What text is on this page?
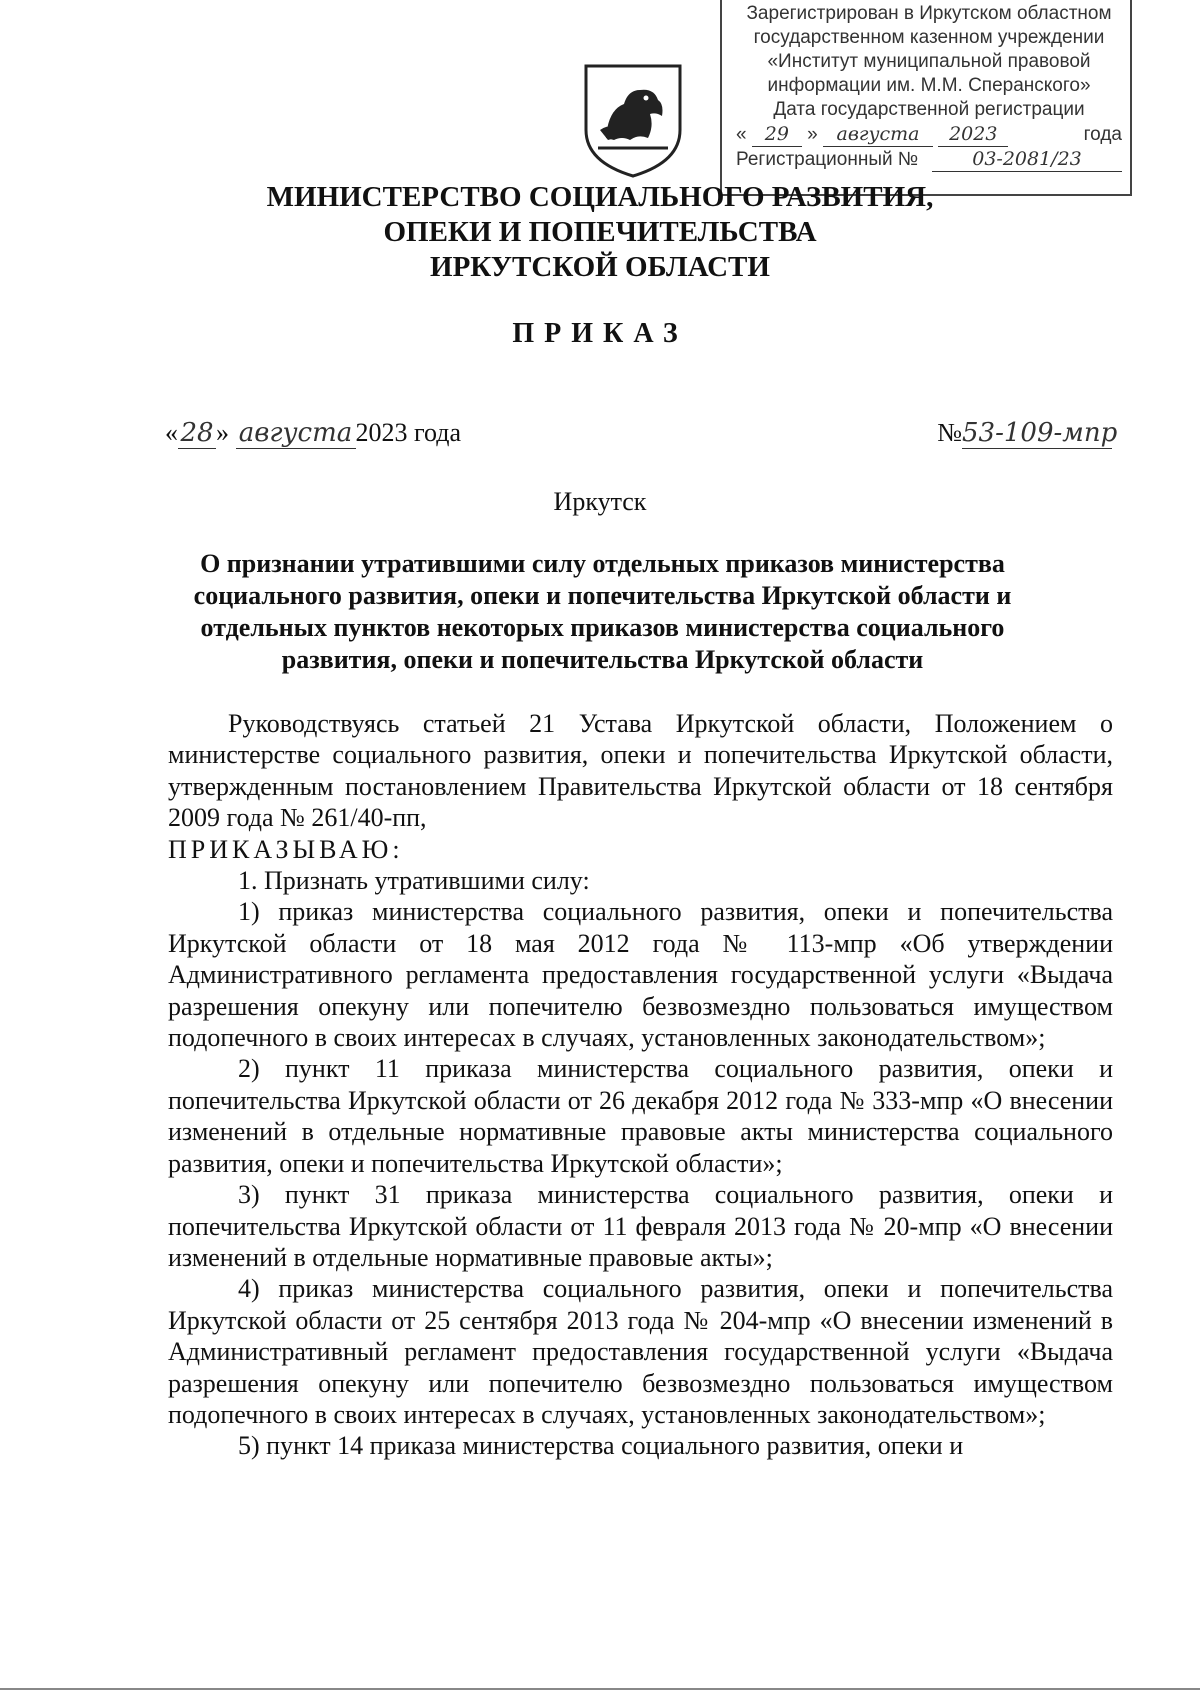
Зарегистрирован в Иркутском областном
государственном казенном учреждении
«Институт муниципальной правовой
информации им. М.М. Сперанского»
Дата государственной регистрации
« 29 » августа 2023	года
Регистрационный №	03-2081/23
МИНИСТЕРСТВО СОЦИАЛЬНОГО РАЗВИТИЯ,
ОПЕКИ И ПОПЕЧИТЕЛЬСТВА
ИРКУТСКОЙ ОБЛАСТИ
ПРИКАЗ
«28» августа 2023 года	№53-109-мпр
Иркутск
О признании утратившими силу отдельных приказов министерства социального развития, опеки и попечительства Иркутской области и отдельных пунктов некоторых приказов министерства социального развития, опеки и попечительства Иркутской области

Руководствуясь статьей 21 Устава Иркутской области, Положением о министерстве социального развития, опеки и попечительства Иркутской области, утвержденным постановлением Правительства Иркутской области от 18 сентября 2009 года № 261/40-пп,

ПРИКАЗЫВАЮ:

1. Признать утратившими силу:

1) приказ министерства социального развития, опеки и попечительства Иркутской области от 18 мая 2012 года № 113-мпр «Об утверждении Административного регламента предоставления государственной услуги «Выдача разрешения опекуну или попечителю безвозмездно пользоваться имуществом подопечного в своих интересах в случаях, установленных законодательством»;

2) пункт 11 приказа министерства социального развития, опеки и попечительства Иркутской области от 26 декабря 2012 года № 333-мпр «О внесении изменений в отдельные нормативные правовые акты министерства социального развития, опеки и попечительства Иркутской области»;

3) пункт 31 приказа министерства социального развития, опеки и попечительства Иркутской области от 11 февраля 2013 года № 20-мпр «О внесении изменений в отдельные нормативные правовые акты»;

4) приказ министерства социального развития, опеки и попечительства Иркутской области от 25 сентября 2013 года № 204-мпр «О внесении изменений в Административный регламент предоставления государственной услуги «Выдача разрешения опекуну или попечителю безвозмездно пользоваться имуществом подопечного в своих интересах в случаях, установленных законодательством»;

5) пункт 14 приказа министерства социального развития, опеки и
